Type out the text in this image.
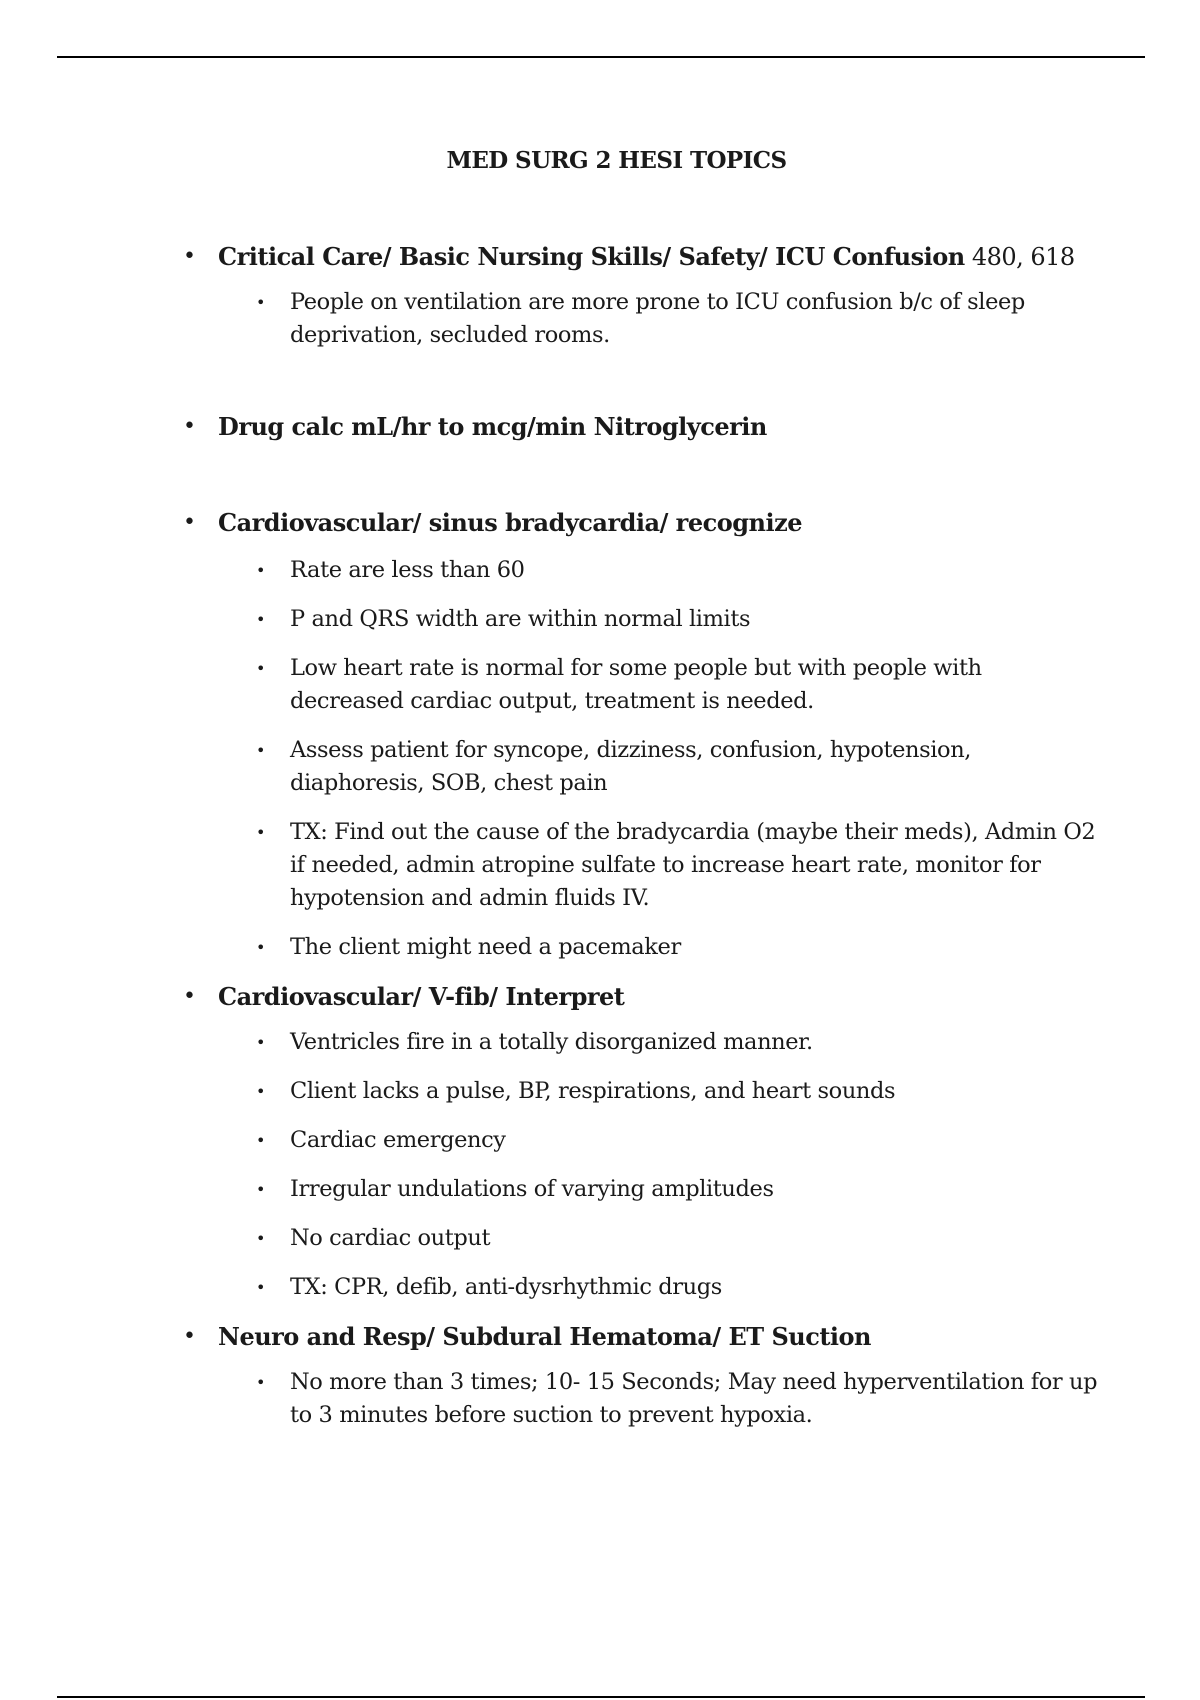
MED SURG 2 HESI TOPICS
• Critical Care/ Basic Nursing Skills/ Safety/ ICU Confusion 480, 618
• People on ventilation are more prone to ICU confusion b/c of sleep deprivation, secluded rooms.
• Drug calc mL/hr to mcg/min Nitroglycerin
• Cardiovascular/ sinus bradycardia/ recognize
• Rate are less than 60
• P and QRS width are within normal limits
• Low heart rate is normal for some people but with people with decreased cardiac output, treatment is needed.
• Assess patient for syncope, dizziness, confusion, hypotension, diaphoresis, SOB, chest pain
• TX: Find out the cause of the bradycardia (maybe their meds), Admin O2 if needed, admin atropine sulfate to increase heart rate, monitor for hypotension and admin fluids IV.
• The client might need a pacemaker
• Cardiovascular/ V-fib/ Interpret
• Ventricles fire in a totally disorganized manner.
• Client lacks a pulse, BP, respirations, and heart sounds
• Cardiac emergency
• Irregular undulations of varying amplitudes
• No cardiac output
• TX: CPR, defib, anti-dysrhythmic drugs
• Neuro and Resp/ Subdural Hematoma/ ET Suction
• No more than 3 times; 10- 15 Seconds; May need hyperventilation for up to 3 minutes before suction to prevent hypoxia.
